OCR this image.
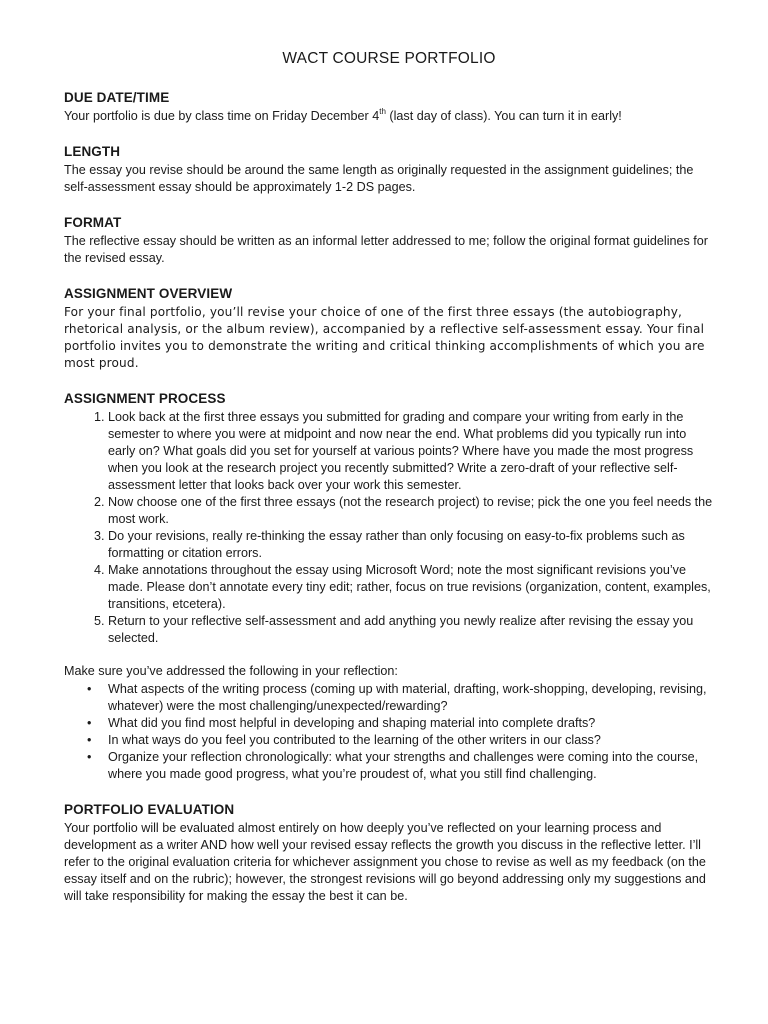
WACT COURSE PORTFOLIO
DUE DATE/TIME

Your portfolio is due by class time on Friday December 4th (last day of class). You can turn it in early!

LENGTH

The essay you revise should be around the same length as originally requested in the assignment guidelines; the self-assessment essay should be approximately 1-2 DS pages.

FORMAT

The reflective essay should be written as an informal letter addressed to me; follow the original format guidelines for the revised essay.

ASSIGNMENT OVERVIEW

For your final portfolio, you’ll revise your choice of one of the first three essays (the autobiography, rhetorical analysis, or the album review), accompanied by a reflective self-assessment essay. Your final portfolio invites you to demonstrate the writing and critical thinking accomplishments of which you are most proud.

ASSIGNMENT PROCESS
1. Look back at the first three essays you submitted for grading and compare your writing from early in the semester to where you were at midpoint and now near the end. What problems did you typically run into early on? What goals did you set for yourself at various points? Where have you made the most progress when you look at the research project you recently submitted? Write a zero-draft of your reflective self-assessment letter that looks back over your work this semester.
2. Now choose one of the first three essays (not the research project) to revise; pick the one you feel needs the most work.
3. Do your revisions, really re-thinking the essay rather than only focusing on easy-to-fix problems such as formatting or citation errors.
4. Make annotations throughout the essay using Microsoft Word; note the most significant revisions you’ve made. Please don’t annotate every tiny edit; rather, focus on true revisions (organization, content, examples, transitions, etcetera).
5. Return to your reflective self-assessment and add anything you newly realize after revising the essay you selected.

Make sure you’ve addressed the following in your reflection:

• What aspects of the writing process (coming up with material, drafting, work-shopping, developing, revising, whatever) were the most challenging/unexpected/rewarding?
• What did you find most helpful in developing and shaping material into complete drafts?
• In what ways do you feel you contributed to the learning of the other writers in our class?
• Organize your reflection chronologically: what your strengths and challenges were coming into the course, where you made good progress, what you’re proudest of, what you still find challenging.
PORTFOLIO EVALUATION

Your portfolio will be evaluated almost entirely on how deeply you’ve reflected on your learning process and development as a writer AND how well your revised essay reflects the growth you discuss in the reflective letter. I’ll refer to the original evaluation criteria for whichever assignment you chose to revise as well as my feedback (on the essay itself and on the rubric); however, the strongest revisions will go beyond addressing only my suggestions and will take responsibility for making the essay the best it can be.
